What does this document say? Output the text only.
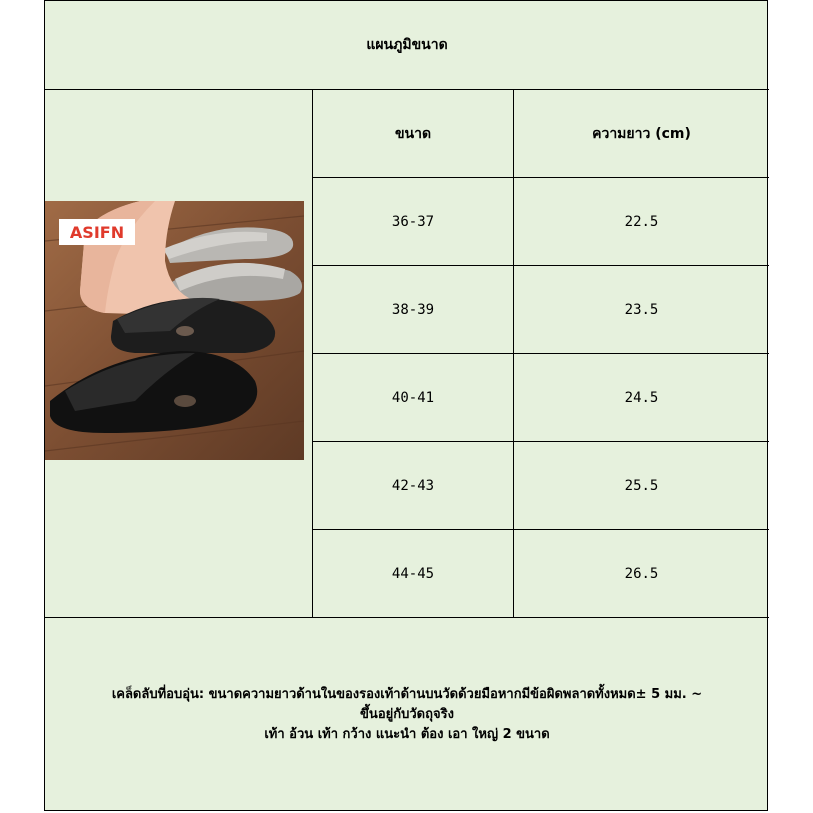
แผนภูมิขนาด
ขนาด	ความยาว (cm)
36-37	22.5
38-39	23.5
40-41	24.5
42-43	25.5
44-45	26.5
ASIFN
เคล็ดลับที่อบอุ่น: ขนาดความยาวด้านในของรองเท้าด้านบนวัดด้วยมือหากมีข้อผิดพลาดทั้งหมด± 5 มม. ~
ขึ้นอยู่กับวัดถุจริง
เท้า อ้วน เท้า กว้าง แนะนำ ต้อง เอา ใหญ่ 2 ขนาด
